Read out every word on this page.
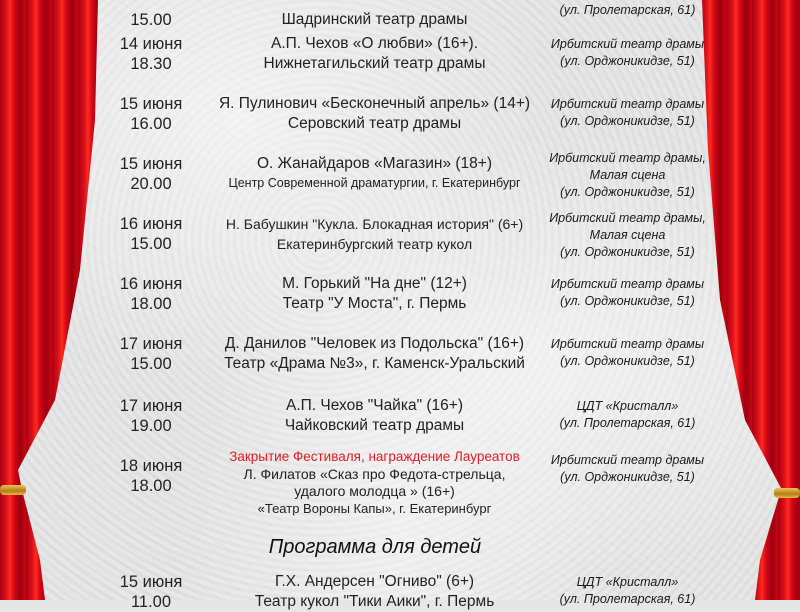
15.00	Шадринский театр драмы
(ул. Пролетарская, 61)
14 июня
18.30
А.П. Чехов «О любви» (16+).
Нижнетагильский театр драмы
Ирбитский театр драмы
(ул. Орджоникидзе, 51)
15 июня
16.00
Я. Пулинович «Бесконечный апрель» (14+)
Серовский театр драмы
Ирбитский театр драмы
(ул. Орджоникидзе, 51)
15 июня
20.00
О. Жанайдаров «Магазин» (18+)
Центр Современной драматургии, г. Екатеринбург
Ирбитский театр драмы,
Малая сцена
(ул. Орджоникидзе, 51)
16 июня
15.00
Н. Бабушкин "Кукла. Блокадная история" (6+)
Екатеринбургский театр кукол
Ирбитский театр драмы,
Малая сцена
(ул. Орджоникидзе, 51)
16 июня
18.00
М. Горький "На дне" (12+)
Театр "У Моста", г. Пермь
Ирбитский театр драмы
(ул. Орджоникидзе, 51)
17 июня
15.00
Д. Данилов "Человек из Подольска" (16+)
Театр «Драма №3», г. Каменск-Уральский
Ирбитский театр драмы
(ул. Орджоникидзе, 51)
17 июня
19.00
А.П. Чехов "Чайка" (16+)
Чайковский театр драмы
ЦДТ «Кристалл»
(ул. Пролетарская, 61)
18 июня
18.00
Закрытие Фестиваля, награждение Лауреатов
Л. Филатов «Сказ про Федота-стрельца,
удалого молодца » (16+)
«Театр Вороны Капы», г. Екатеринбург
Ирбитский театр драмы
(ул. Орджоникидзе, 51)
Программа для детей
15 июня
11.00
Г.Х. Андерсен "Огниво" (6+)
Театр кукол "Тики Аики", г. Пермь
ЦДТ «Кристалл»
(ул. Пролетарская, 61)
